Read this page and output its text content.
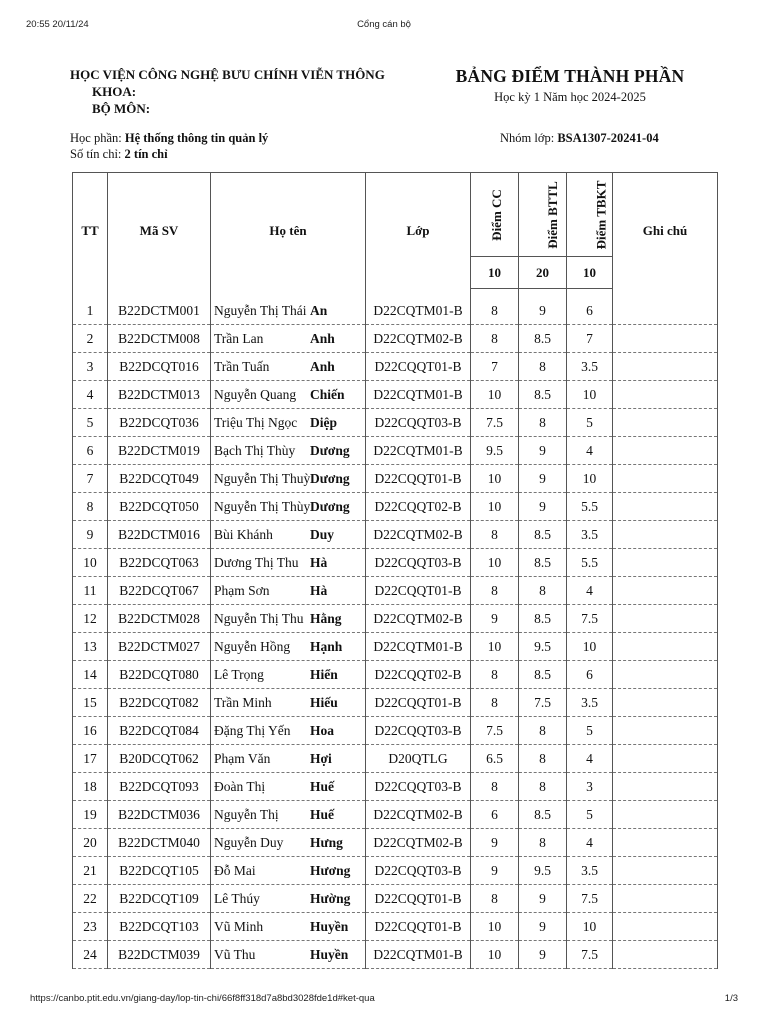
20:55 20/11/24	Cổng cán bộ
HỌC VIỆN CÔNG NGHỆ BƯU CHÍNH VIỄN THÔNG
KHOA:
BỘ MÔN:
BẢNG ĐIỂM THÀNH PHẦN
Học kỳ 1 Năm học 2024-2025
Học phần: Hệ thống thông tin quản lý
Số tín chỉ: 2 tín chỉ
Nhóm lớp: BSA1307-20241-04
TT	Mã SV	Họ tên	Lớp	Điểm CC	Điểm BTTL	Điểm TBKT	Ghi chú
				10	20	10	

1	B22DCTM001	Nguyễn Thị Thái An	D22CQTM01-B	8	9	6	
2	B22DCTM008	Trần Lan Anh	D22CQTM02-B	8	8.5	7	
3	B22DCQT016	Trần Tuấn Anh	D22CQQT01-B	7	8	3.5	
4	B22DCTM013	Nguyễn Quang Chiến	D22CQTM01-B	10	8.5	10	
5	B22DCQT036	Triệu Thị Ngọc Diệp	D22CQQT03-B	7.5	8	5	
6	B22DCTM019	Bạch Thị Thùy Dương	D22CQTM01-B	9.5	9	4	
7	B22DCQT049	Nguyễn Thị Thuỳ Dương	D22CQQT01-B	10	9	10	
8	B22DCQT050	Nguyễn Thị Thùy Dương	D22CQQT02-B	10	9	5.5	
9	B22DCTM016	Bùi Khánh Duy	D22CQTM02-B	8	8.5	3.5	
10	B22DCQT063	Dương Thị Thu Hà	D22CQQT03-B	10	8.5	5.5	
11	B22DCQT067	Phạm Sơn Hà	D22CQQT01-B	8	8	4	
12	B22DCTM028	Nguyễn Thị Thu Hằng	D22CQTM02-B	9	8.5	7.5	
13	B22DCTM027	Nguyễn Hồng Hạnh	D22CQTM01-B	10	9.5	10	
14	B22DCQT080	Lê Trọng Hiển	D22CQQT02-B	8	8.5	6	
15	B22DCQT082	Trần Minh Hiếu	D22CQQT01-B	8	7.5	3.5	
16	B22DCQT084	Đặng Thị Yến Hoa	D22CQQT03-B	7.5	8	5	
17	B20DCQT062	Phạm Văn Hợi	D20QTLG	6.5	8	4	
18	B22DCQT093	Đoàn Thị Huế	D22CQQT03-B	8	8	3	
19	B22DCTM036	Nguyễn Thị Huế	D22CQTM02-B	6	8.5	5	
20	B22DCTM040	Nguyễn Duy Hưng	D22CQTM02-B	9	8	4	
21	B22DCQT105	Đỗ Mai Hương	D22CQQT03-B	9	9.5	3.5	
22	B22DCQT109	Lê Thúy Hường	D22CQQT01-B	8	9	7.5	
23	B22DCQT103	Vũ Minh Huyền	D22CQQT01-B	10	9	10	
24	B22DCTM039	Vũ Thu Huyền	D22CQTM01-B	10	9	7.5	
https://canbo.ptit.edu.vn/giang-day/lop-tin-chi/66f8ff318d7a8bd3028fde1d#ket-qua	1/3
